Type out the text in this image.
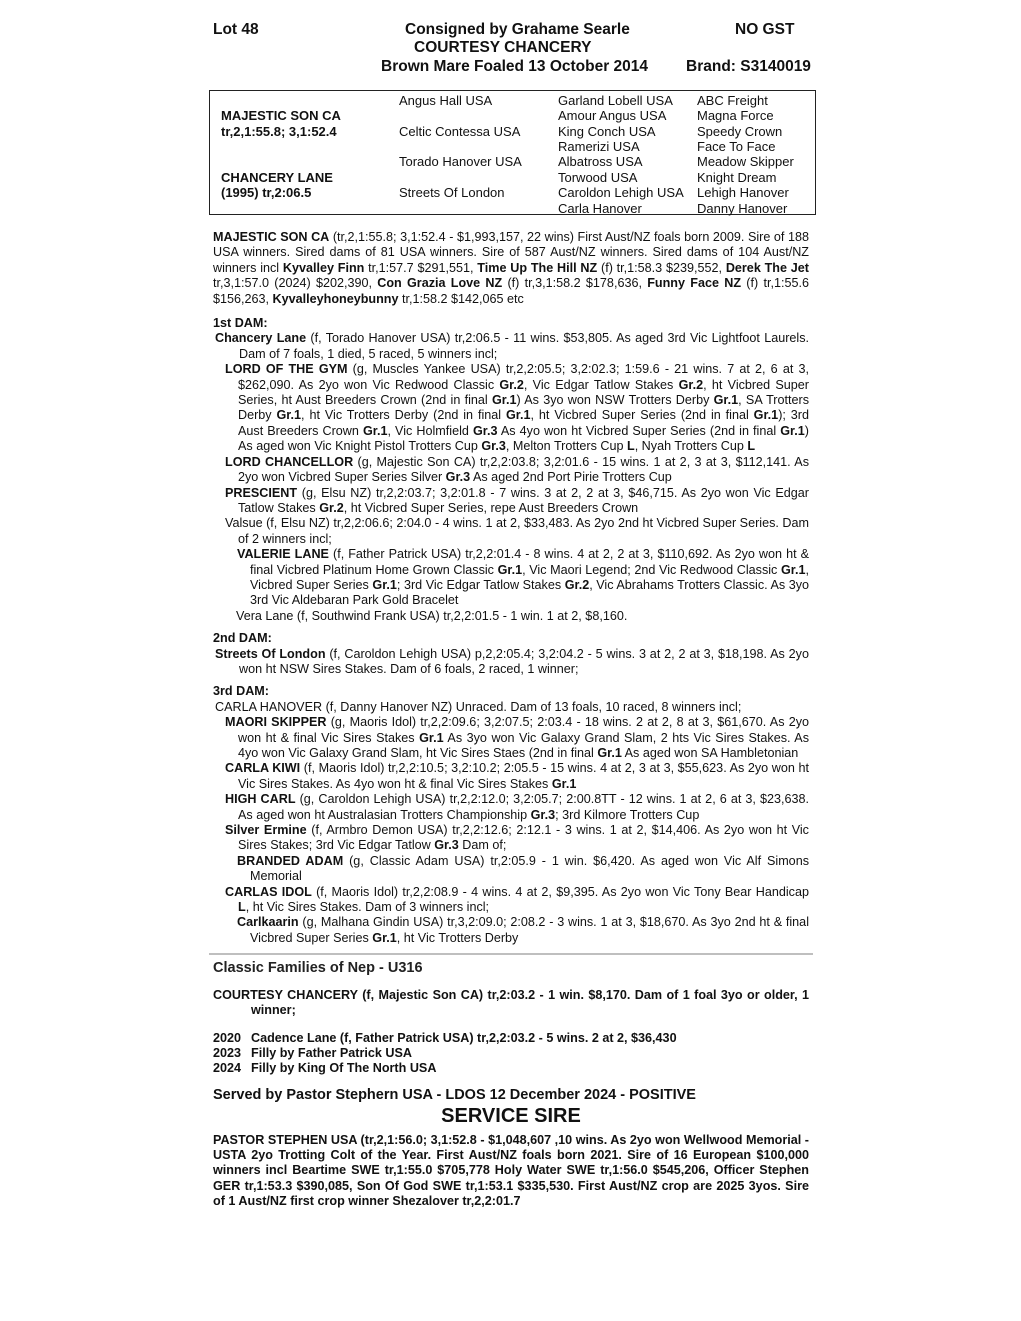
Lot 48	Consigned by Grahame Searle	NO GST
COURTESY CHANCERY
Brown Mare Foaled 13 October 2014 Brand: S3140019
MAJESTIC SON CA
tr,2,1:55.8; 3,1:52.4
CHANCERY LANE
(1995) tr,2:06.5
Angus Hall USA
Celtic Contessa USA
Torado Hanover USA
Streets Of London
Garland Lobell USA
Amour Angus USA
King Conch USA
Ramerizi USA
Albatross USA
Torwood USA
Caroldon Lehigh USA
Carla Hanover
ABC Freight
Magna Force
Speedy Crown
Face To Face
Meadow Skipper
Knight Dream
Lehigh Hanover
Danny Hanover

MAJESTIC SON CA (tr,2,1:55.8; 3,1:52.4 - $1,993,157, 22 wins) First Aust/NZ foals born 2009. Sire of 188 USA winners. Sired dams of 81 USA winners. Sire of 587 Aust/NZ winners. Sired dams of 104 Aust/NZ winners incl Kyvalley Finn tr,1:57.7 $291,551, Time Up The Hill NZ (f) tr,1:58.3 $239,552, Derek The Jet tr,3,1:57.0 (2024) $202,390, Con Grazia Love NZ (f) tr,3,1:58.2 $178,636, Funny Face NZ (f) tr,1:55.6 $156,263, Kyvalleyhoneybunny tr,1:58.2 $142,065 etc

1st DAM:

Chancery Lane (f, Torado Hanover USA) tr,2:06.5 - 11 wins. $53,805. As aged 3rd Vic Lightfoot Laurels. Dam of 7 foals, 1 died, 5 raced, 5 winners incl;

LORD OF THE GYM (g, Muscles Yankee USA) tr,2,2:05.5; 3,2:02.3; 1:59.6 - 21 wins. 7 at 2, 6 at 3, $262,090. As 2yo won Vic Redwood Classic Gr.2, Vic Edgar Tatlow Stakes Gr.2, ht Vicbred Super Series, ht Aust Breeders Crown (2nd in final Gr.1) As 3yo won NSW Trotters Derby Gr.1, SA Trotters Derby Gr.1, ht Vic Trotters Derby (2nd in final Gr.1, ht Vicbred Super Series (2nd in final Gr.1); 3rd Aust Breeders Crown Gr.1, Vic Holmfield Gr.3 As 4yo won ht Vicbred Super Series (2nd in final Gr.1) As aged won Vic Knight Pistol Trotters Cup Gr.3, Melton Trotters Cup L, Nyah Trotters Cup L

LORD CHANCELLOR (g, Majestic Son CA) tr,2,2:03.8; 3,2:01.6 - 15 wins. 1 at 2, 3 at 3, $112,141. As 2yo won Vicbred Super Series Silver Gr.3 As aged 2nd Port Pirie Trotters Cup

PRESCIENT (g, Elsu NZ) tr,2,2:03.7; 3,2:01.8 - 7 wins. 3 at 2, 2 at 3, $46,715. As 2yo won Vic Edgar Tatlow Stakes Gr.2, ht Vicbred Super Series, repe Aust Breeders Crown

Valsue (f, Elsu NZ) tr,2,2:06.6; 2:04.0 - 4 wins. 1 at 2, $33,483. As 2yo 2nd ht Vicbred Super Series. Dam of 2 winners incl;

VALERIE LANE (f, Father Patrick USA) tr,2,2:01.4 - 8 wins. 4 at 2, 2 at 3, $110,692. As 2yo won ht & final Vicbred Platinum Home Grown Classic Gr.1, Vic Maori Legend; 2nd Vic Redwood Classic Gr.1, Vicbred Super Series Gr.1; 3rd Vic Edgar Tatlow Stakes Gr.2, Vic Abrahams Trotters Classic. As 3yo 3rd Vic Aldebaran Park Gold Bracelet

Vera Lane (f, Southwind Frank USA) tr,2,2:01.5 - 1 win. 1 at 2, $8,160.

2nd DAM:

Streets Of London (f, Caroldon Lehigh USA) p,2,2:05.4; 3,2:04.2 - 5 wins. 3 at 2, 2 at 3, $18,198. As 2yo won ht NSW Sires Stakes. Dam of 6 foals, 2 raced, 1 winner;

3rd DAM:

CARLA HANOVER (f, Danny Hanover NZ) Unraced. Dam of 13 foals, 10 raced, 8 winners incl;

MAORI SKIPPER (g, Maoris Idol) tr,2,2:09.6; 3,2:07.5; 2:03.4 - 18 wins. 2 at 2, 8 at 3, $61,670. As 2yo won ht & final Vic Sires Stakes Gr.1 As 3yo won Vic Galaxy Grand Slam, 2 hts Vic Sires Stakes. As 4yo won Vic Galaxy Grand Slam, ht Vic Sires Staes (2nd in final Gr.1 As aged won SA Hambletonian

CARLA KIWI (f, Maoris Idol) tr,2,2:10.5; 3,2:10.2; 2:05.5 - 15 wins. 4 at 2, 3 at 3, $55,623. As 2yo won ht Vic Sires Stakes. As 4yo won ht & final Vic Sires Stakes Gr.1

HIGH CARL (g, Caroldon Lehigh USA) tr,2,2:12.0; 3,2:05.7; 2:00.8TT - 12 wins. 1 at 2, 6 at 3, $23,638. As aged won ht Australasian Trotters Championship Gr.3; 3rd Kilmore Trotters Cup

Silver Ermine (f, Armbro Demon USA) tr,2,2:12.6; 2:12.1 - 3 wins. 1 at 2, $14,406. As 2yo won ht Vic Sires Stakes; 3rd Vic Edgar Tatlow Gr.3 Dam of;

BRANDED ADAM (g, Classic Adam USA) tr,2:05.9 - 1 win. $6,420. As aged won Vic Alf Simons Memorial

CARLAS IDOL (f, Maoris Idol) tr,2,2:08.9 - 4 wins. 4 at 2, $9,395. As 2yo won Vic Tony Bear Handicap L, ht Vic Sires Stakes. Dam of 3 winners incl;

Carlkaarin (g, Malhana Gindin USA) tr,3,2:09.0; 2:08.2 - 3 wins. 1 at 3, $18,670. As 3yo 2nd ht & final Vicbred Super Series Gr.1, ht Vic Trotters Derby

Classic Families of Nep - U316

COURTESY CHANCERY (f, Majestic Son CA) tr,2:03.2 - 1 win. $8,170. Dam of 1 foal 3yo or older, 1 winner;

2020 Cadence Lane (f, Father Patrick USA) tr,2,2:03.2 - 5 wins. 2 at 2, $36,430

2023 Filly by Father Patrick USA

2024 Filly by King Of The North USA

Served by Pastor Stephern USA - LDOS 12 December 2024 - POSITIVE

SERVICE SIRE

PASTOR STEPHEN USA (tr,2,1:56.0; 3,1:52.8 - $1,048,607 ,10 wins. As 2yo won Wellwood Memorial - USTA 2yo Trotting Colt of the Year. First Aust/NZ foals born 2021. Sire of 16 European $100,000 winners incl Beartime SWE tr,1:55.0 $705,778 Holy Water SWE tr,1:56.0 $545,206, Officer Stephen GER tr,1:53.3 $390,085, Son Of God SWE tr,1:53.1 $335,530. First Aust/NZ crop are 2025 3yos. Sire of 1 Aust/NZ first crop winner Shezalover tr,2,2:01.7
